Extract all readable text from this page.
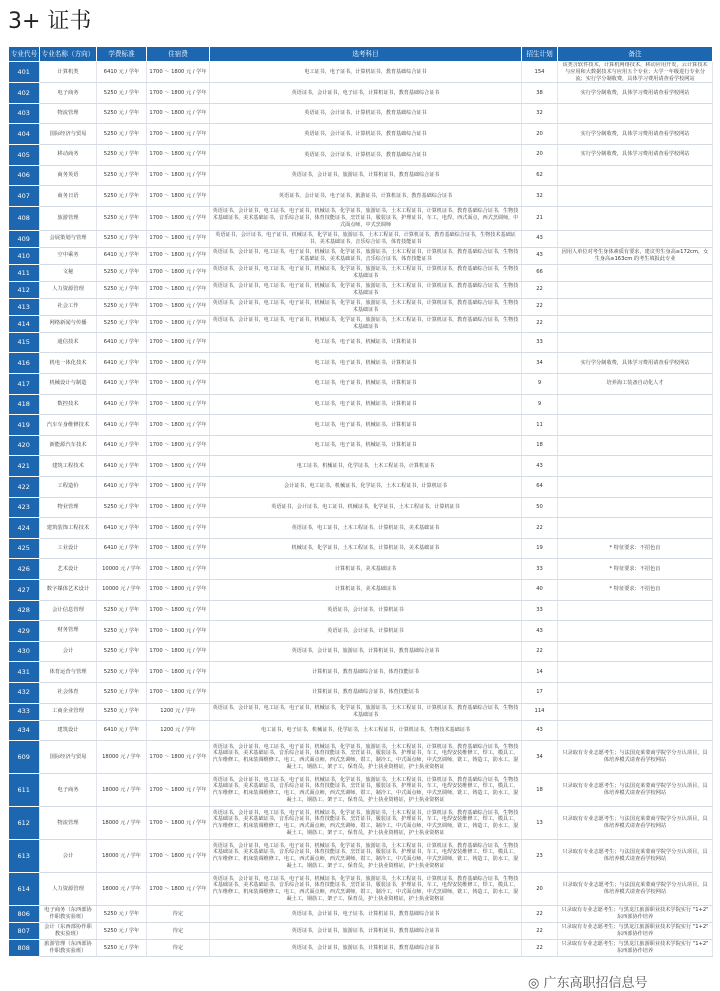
3+ 证书
专业代号	专业名称（方向）	学费标准	住宿费	选考科目	招生计划	备注
401	计算机类	6410 元 / 学年	1700 ～ 1800 元 / 学年	电工证书，电子证书，计算机证书，教育基础综合证书	154	该类含软件技术，计算机网络技术，移动应用开发，云计算技术与应用和大数据技术与应用五个专业；大学一年级进行专业分流；实行学分制收费，具体学习费用请查看学校网站
402	电子商务	5250 元 / 学年	1700 ～ 1800 元 / 学年	英语证书，会计证书，电子证书，计算机证书，教育基础综合证书	38	实行学分制收费，具体学习费用请查看学校网站
403	物流管理	5250 元 / 学年	1700 ～ 1800 元 / 学年	英语证书，会计证书，计算机证书，教育基础综合证书	32	
404	国际经济与贸易	5250 元 / 学年	1700 ～ 1800 元 / 学年	英语证书，会计证书，计算机证书，教育基础综合证书	20	实行学分制收费，具体学习费用请查看学校网站
405	移动商务	5250 元 / 学年	1700 ～ 1800 元 / 学年	英语证书，会计证书，计算机证书，教育基础综合证书	20	实行学分制收费，具体学习费用请查看学校网站
406	商务英语	5250 元 / 学年	1700 ～ 1800 元 / 学年	英语证书，会计证书，旅游证书，计算机证书，教育基础综合证书	62	
407	商务日语	5250 元 / 学年	1700 ～ 1800 元 / 学年	英语证书，会计证书，电子证书，旅游证书，计算机证书，教育基础综合证书	32	
408	旅游管理	5250 元 / 学年	1700 ～ 1800 元 / 学年	英语证书，会计证书，电工证书，电子证书，机械证书，化学证书，旅游证书，土木工程证书，计算机证书，教育基础综合证书，生物技术基础证书，美术基础证书，音乐综合证书，体育技能证书，烹饪证书，服装证书，护理证书，车工，电焊，西式面点，西式烹调师，中式面点师，中式烹调师	21	
409	会展策划与管理	5250 元 / 学年	1700 ～ 1800 元 / 学年	英语证书，会计证书，电子证书，机械证书，化学证书，旅游证书，土木工程证书，计算机证书，教育基础综合证书，生物技术基础证书，美术基础证书，音乐综合证书，体育技能证书	43	
410	空中乘务	6410 元 / 学年	1700 ～ 1800 元 / 学年	英语证书，会计证书，电工证书，电子证书，机械证书，化学证书，旅游证书，土木工程证书，计算机证书，教育基础综合证书，生物技术基础证书，美术基础证书，音乐综合证书，体育技能证书	43	因用人单位对考生身体素质有要求，建议男生身高≥172cm，女生身高≥163cm 的考生填报此专业
411	文秘	5250 元 / 学年	1700 ～ 1800 元 / 学年	英语证书，会计证书，电工证书，电子证书，机械证书，化学证书，旅游证书，土木工程证书，计算机证书，教育基础综合证书，生物技术基础证书	66	
412	人力资源管理	5250 元 / 学年	1700 ～ 1800 元 / 学年	英语证书，会计证书，电工证书，电子证书，机械证书，化学证书，旅游证书，土木工程证书，计算机证书，教育基础综合证书，生物技术基础证书	22	
413	社会工作	5250 元 / 学年	1700 ～ 1800 元 / 学年	英语证书，会计证书，电工证书，电子证书，机械证书，化学证书，旅游证书，土木工程证书，计算机证书，教育基础综合证书，生物技术基础证书	22	
414	网络新闻与传播	5250 元 / 学年	1700 ～ 1800 元 / 学年	英语证书，会计证书，电工证书，电子证书，机械证书，化学证书，旅游证书，土木工程证书，计算机证书，教育基础综合证书，生物技术基础证书	22	
415	通信技术	6410 元 / 学年	1700 ～ 1800 元 / 学年	电工证书，电子证书，机械证书，计算机证书	33	
416	机电一体化技术	6410 元 / 学年	1700 ～ 1800 元 / 学年	电工证书，电子证书，机械证书，计算机证书	34	实行学分制收费，具体学习费用请查看学校网站
417	机械设计与制造	6410 元 / 学年	1700 ～ 1800 元 / 学年	电工证书，电子证书，机械证书，计算机证书	9	培养海工装备自动化人才
418	数控技术	6410 元 / 学年	1700 ～ 1800 元 / 学年	电工证书，电子证书，机械证书，计算机证书	9	
419	汽车车身维修技术	6410 元 / 学年	1700 ～ 1800 元 / 学年	电工证书，电子证书，机械证书，计算机证书	11	
420	新能源汽车技术	6410 元 / 学年	1700 ～ 1800 元 / 学年	电工证书，电子证书，机械证书，计算机证书	18	
421	建筑工程技术	6410 元 / 学年	1700 ～ 1800 元 / 学年	电工证书，机械证书，化学证书，土木工程证书，计算机证书	43	
422	工程造价	6410 元 / 学年	1700 ～ 1800 元 / 学年	会计证书，电工证书，机械证书，化学证书，土木工程证书，计算机证书	64	
423	物业管理	5250 元 / 学年	1700 ～ 1800 元 / 学年	英语证书，会计证书，电工证书，机械证书，化学证书，土木工程证书，计算机证书	50	
424	建筑装饰工程技术	6410 元 / 学年	1700 ～ 1800 元 / 学年	英语证书，电工证书，土木工程证书，计算机证书，美术基础证书	22	
425	工业设计	6410 元 / 学年	1700 ～ 1800 元 / 学年	机械证书，化学证书，土木工程证书，计算机证书，美术基础证书	19	* 特征要求：不招色盲
426	艺术设计	10000 元 / 学年	1700 ～ 1800 元 / 学年	计算机证书，美术基础证书	33	* 特征要求：不招色盲
427	数字媒体艺术设计	10000 元 / 学年	1700 ～ 1800 元 / 学年	计算机证书，美术基础证书	40	* 特征要求：不招色盲
428	会计信息管理	5250 元 / 学年	1700 ～ 1800 元 / 学年	英语证书，会计证书，计算机证书	33	
429	财务管理	5250 元 / 学年	1700 ～ 1800 元 / 学年	英语证书，会计证书，计算机证书	43	
430	会计	5250 元 / 学年	1700 ～ 1800 元 / 学年	英语证书，会计证书，旅游证书，计算机证书，教育基础综合证书	22	
431	体育运营与管理	5250 元 / 学年	1700 ～ 1800 元 / 学年	计算机证书，教育基础综合证书，体育技能证书	14	
432	社会体育	5250 元 / 学年	1700 ～ 1800 元 / 学年	计算机证书，教育基础综合证书，体育技能证书	17	
433	工商企业管理	5250 元 / 学年	1200 元 / 学年	英语证书，会计证书，电工证书，电子证书，机械证书，化学证书，旅游证书，土木工程证书，计算机证书，教育基础综合证书，生物技术基础证书	114	
434	建筑设计	6410 元 / 学年	1200 元 / 学年	电工证书，电子证书，机械证书，化学证书，土木工程证书，计算机证书，生物技术基础证书	43	
609	国际经济与贸易	18000 元 / 学年	1700 ～ 1800 元 / 学年	英语证书，会计证书，电工证书，电子证书，机械证书，化学证书，旅游证书，土木工程证书，计算机证书，教育基础综合证书，生物技术基础证书，美术基础证书，音乐综合证书，体育技能证书，烹饪证书，服装证书，护理证书，车工，电焊安装维修工，焊工，模具工，汽车维修工，机床装调维修工，电工，西式面点师，西式烹调师，钳工，制冷工，中式面点师，中式烹调师，铣工，铸造工，防水工，混凝土工，钢筋工，架子工，保育员，护士执业资格证，护士执业资格证	34	只录取有专业志愿考生；与法国克莱蒙商学院学分互认项目，具体培养模式请查看学校网站
611	电子商务	18000 元 / 学年	1700 ～ 1800 元 / 学年	英语证书，会计证书，电工证书，电子证书，机械证书，化学证书，旅游证书，土木工程证书，计算机证书，教育基础综合证书，生物技术基础证书，美术基础证书，音乐综合证书，体育技能证书，烹饪证书，服装证书，护理证书，车工，电焊安装维修工，焊工，模具工，汽车维修工，机床装调维修工，电工，西式面点师，西式烹调师，钳工，制冷工，中式面点师，中式烹调师，铣工，铸造工，防水工，混凝土工，钢筋工，架子工，保育员，护士执业资格证，护士执业资格证	18	只录取有专业志愿考生；与法国克莱蒙商学院学分互认项目，具体培养模式请查看学校网站
612	物流管理	18000 元 / 学年	1700 ～ 1800 元 / 学年	英语证书，会计证书，电工证书，电子证书，机械证书，化学证书，旅游证书，土木工程证书，计算机证书，教育基础综合证书，生物技术基础证书，美术基础证书，音乐综合证书，体育技能证书，烹饪证书，服装证书，护理证书，车工，电焊安装维修工，焊工，模具工，汽车维修工，机床装调维修工，电工，西式面点师，西式烹调师，钳工，制冷工，中式面点师，中式烹调师，铣工，铸造工，防水工，混凝土工，钢筋工，架子工，保育员，护士执业资格证，护士执业资格证	13	只录取有专业志愿考生；与法国克莱蒙商学院学分互认项目，具体培养模式请查看学校网站
613	会计	18000 元 / 学年	1700 ～ 1800 元 / 学年	英语证书，会计证书，电工证书，电子证书，机械证书，化学证书，旅游证书，土木工程证书，计算机证书，教育基础综合证书，生物技术基础证书，美术基础证书，音乐综合证书，体育技能证书，烹饪证书，服装证书，护理证书，车工，电焊安装维修工，焊工，模具工，汽车维修工，机床装调维修工，电工，西式面点师，西式烹调师，钳工，制冷工，中式面点师，中式烹调师，铣工，铸造工，防水工，混凝土工，钢筋工，架子工，保育员，护士执业资格证，护士执业资格证	23	只录取有专业志愿考生；与法国克莱蒙商学院学分互认项目，具体培养模式请查看学校网站
614	人力资源管理	18000 元 / 学年	1700 ～ 1800 元 / 学年	英语证书，会计证书，电工证书，电子证书，机械证书，化学证书，旅游证书，土木工程证书，计算机证书，教育基础综合证书，生物技术基础证书，美术基础证书，音乐综合证书，体育技能证书，烹饪证书，服装证书，护理证书，车工，电焊安装维修工，焊工，模具工，汽车维修工，机床装调维修工，电工，西式面点师，西式烹调师，钳工，制冷工，中式面点师，中式烹调师，铣工，铸造工，防水工，混凝土工，钢筋工，架子工，保育员，护士执业资格证，护士执业资格证	20	只录取有专业志愿考生；与法国克莱蒙商学院学分互认项目，具体培养模式请查看学校网站
806	电子商务（东西部协作职教实验班）	5250 元 / 学年	待定	英语证书，会计证书，电子证书，计算机证书，教育基础综合证书	22	只录取有专业志愿考生；与黑龙江旅游职业技术学院实行 "1+2" 东西部协作培养
807	会计（东西部协作职教实验班）	5250 元 / 学年	待定	英语证书，会计证书，旅游证书，计算机证书，教育基础综合证书	22	只录取有专业志愿考生；与黑龙江旅游职业技术学院实行 "1+2" 东西部协作培养
808	旅游管理（东西部协作职教实验班）	5250 元 / 学年	待定	英语证书，会计证书，旅游证书，计算机证书，教育基础综合证书	22	只录取有专业志愿考生；与黑龙江旅游职业技术学院实行 "1+2" 东西部协作培养
◎ 广东高职招信息号
